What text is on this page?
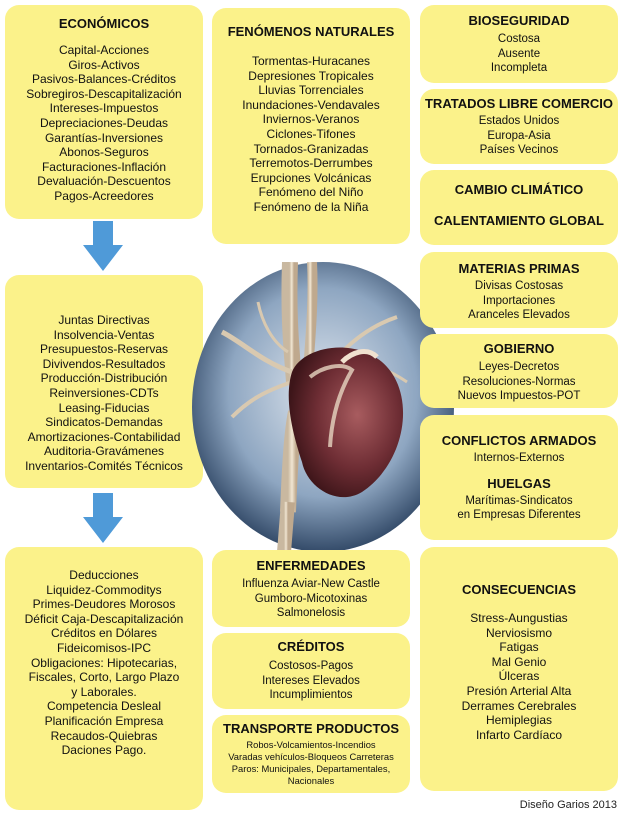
ECONÓMICOS
Capital-Acciones
Giros-Activos
Pasivos-Balances-Créditos
Sobregiros-Descapitalización
Intereses-Impuestos
Depreciaciones-Deudas
Garantías-Inversiones
Abonos-Seguros
Facturaciones-Inflación
Devaluación-Descuentos
Pagos-Acreedores
Juntas Directivas
Insolvencia-Ventas
Presupuestos-Reservas
Divivendos-Resultados
Producción-Distribución
Reinversiones-CDTs
Leasing-Fiducias
Sindicatos-Demandas
Amortizaciones-Contabilidad
Auditoria-Gravámenes
Inventarios-Comités Técnicos
Deducciones
Liquidez-Commoditys
Primes-Deudores Morosos
Déficit Caja-Descapitalización
Créditos en Dólares
Fideicomisos-IPC
Obligaciones: Hipotecarias,
Fiscales, Corto, Largo Plazo
y Laborales.
Competencia Desleal
Planificación Empresa
Recaudos-Quiebras
Daciones Pago.
FENÓMENOS NATURALES
Tormentas-Huracanes
Depresiones Tropicales
Lluvias Torrenciales
Inundaciones-Vendavales
Inviernos-Veranos
Ciclones-Tifones
Tornados-Granizadas
Terremotos-Derrumbes
Erupciones Volcánicas
Fenómeno del Niño
Fenómeno de la Niña
ENFERMEDADES
Influenza Aviar-New Castle
Gumboro-Micotoxinas
Salmonelosis
CRÉDITOS
Costosos-Pagos
Intereses Elevados
Incumplimientos
TRANSPORTE PRODUCTOS
Robos-Volcamientos-Incendios
Varadas vehículos-Bloqueos Carreteras
Paros: Municipales, Departamentales,
Nacionales
BIOSEGURIDAD
Costosa
Ausente
Incompleta
TRATADOS LIBRE COMERCIO
Estados Unidos
Europa-Asia
Países Vecinos
CAMBIO CLIMÁTICO
CALENTAMIENTO GLOBAL
MATERIAS PRIMAS
Divisas Costosas
Importaciones
Aranceles Elevados
GOBIERNO
Leyes-Decretos
Resoluciones-Normas
Nuevos Impuestos-POT
CONFLICTOS ARMADOS
Internos-Externos
HUELGAS
Marítimas-Sindicatos
en Empresas Diferentes
CONSECUENCIAS
Stress-Aungustias
Nerviosismo
Fatigas
Mal Genio
Úlceras
Presión Arterial Alta
Derrames Cerebrales
Hemiplegias
Infarto Cardíaco
Diseño Garios 2013
